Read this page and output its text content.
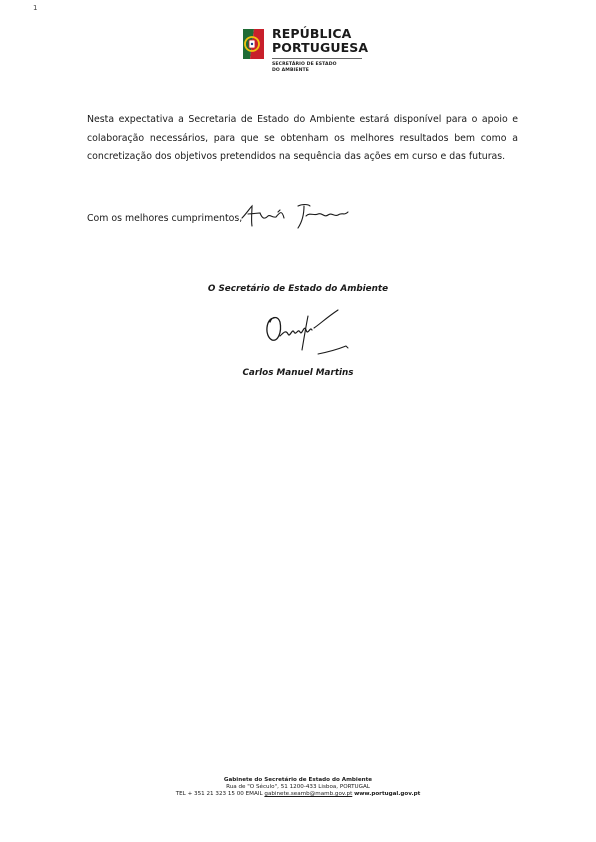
1
REPÚBLICA
PORTUGUESA
SECRETÁRIO DE ESTADO
DO AMBIENTE
Nesta expectativa a Secretaria de Estado do Ambiente estará disponível para o apoio e colaboração necessários, para que se obtenham os melhores resultados bem como a concretização dos objetivos pretendidos na sequência das ações em curso e das futuras.
Com os melhores cumprimentos,
O Secretário de Estado do Ambiente
Carlos Manuel Martins
Gabinete do Secretário de Estado do Ambiente
Rua de "O Século", 51 1200-433 Lisboa, PORTUGAL
TEL + 351 21 323 15 00 EMAIL gabinete.seamb@mamb.gov.pt www.portugal.gov.pt
